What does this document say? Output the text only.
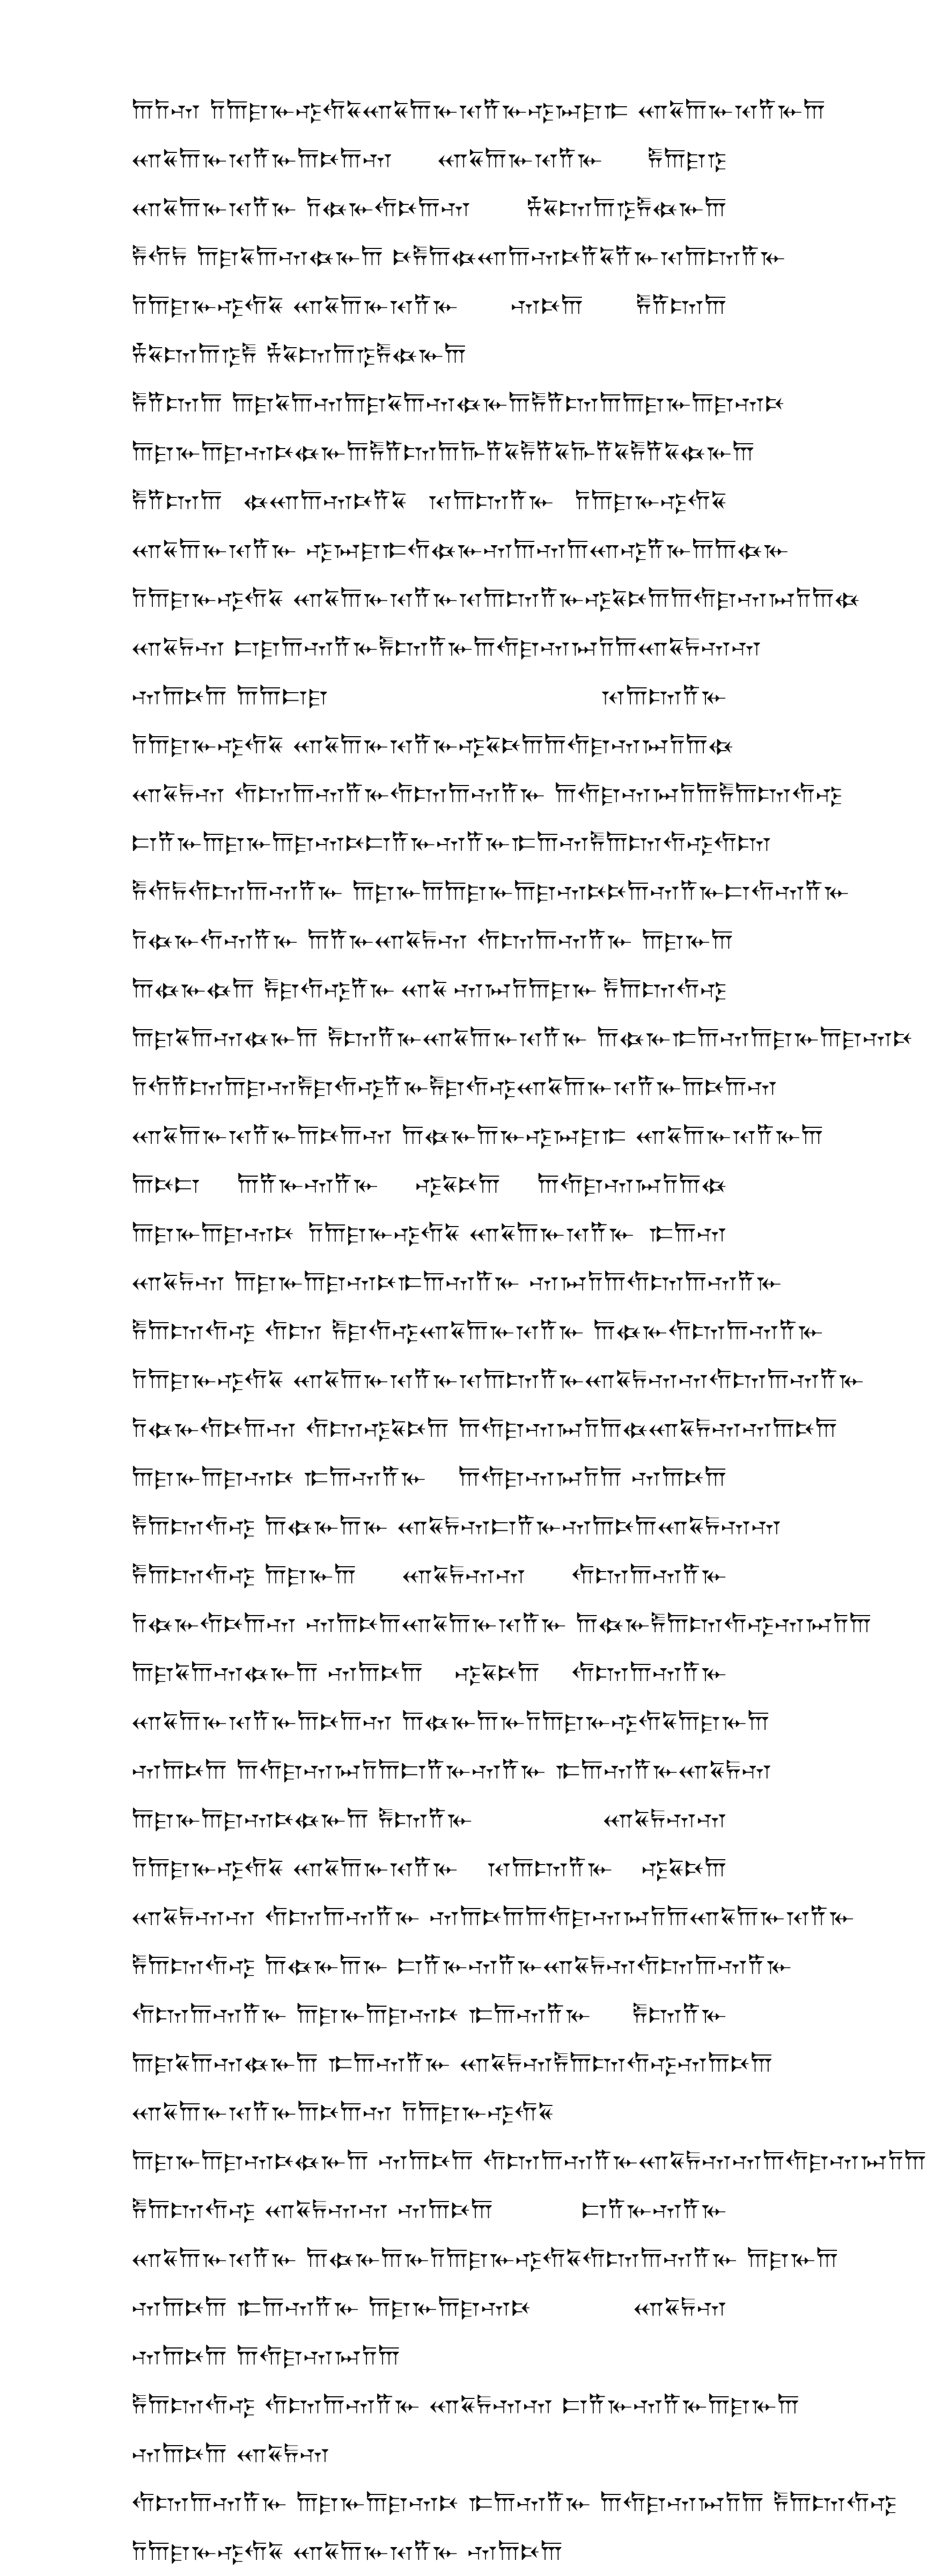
𐎠𐎭𐎶 𐎭𐎠𐎼𐎹𐎺𐎢𐏁 𐎧𐏁𐎠𐎹𐎰𐎡𐎹 𐎺𐏀𐎼𐎣 𐎧𐏁𐎠𐎹𐎰𐎡𐎹𐎠
𐎧𐏁𐎠𐎹𐎰𐎡𐎹𐎠𐎴𐎠𐎶 𐎧𐏁𐎠𐎹𐎰𐎡𐎹 𐎱𐎠𐎼𐎿
𐎧𐏁𐎠𐎹𐎰𐎡𐎹 𐎭𐏃𐎹𐎢𐎴𐎠𐎶 𐎻𐏁𐎫𐎠𐎿𐎱𐏃𐎹𐎠
𐎱𐎢𐏂 𐎠𐎼𐏁𐎠𐎶𐏃𐎹𐎠 𐎴𐎱𐎠 𐏃𐎧𐎠𐎶𐎴𐎡𐏁𐎡𐎹 𐎰𐎠𐎫𐎡𐎹
𐎭𐎠𐎼𐎹𐎺𐎢𐏁 𐎧𐏁𐎠𐎹𐎰𐎡𐎹 𐎶𐎴𐎠 𐎱𐎡𐎫𐎠
𐎻𐏁𐎫𐎠𐎿𐎱 𐎻𐏁𐎫𐎠𐎿𐎱𐏃𐎹𐎠
𐎱𐎡𐎫𐎠 𐎠𐎼𐏁𐎠𐎶 𐎠𐎼𐏁𐎠𐎶𐏃𐎹𐎠 𐎱𐎡𐎫𐎠 𐎠𐎼𐎹𐎠𐎼𐎶𐎴
𐎠𐎼𐎹𐎠𐎼𐎶𐎴𐏃𐎹𐎠 𐎱𐎡𐎫𐎠 𐎨𐎡𐏁𐎱𐎡𐏁 𐎨𐎡𐏁𐎱𐎡𐏁𐏃𐎹𐎠
𐎱𐎡𐎫𐎠 𐏃𐎧𐎠𐎶𐎴𐎡𐏁 𐎰𐎠𐎫𐎡𐎹 𐎭𐎠𐎼𐎹𐎺𐎢𐏁
𐎧𐏁𐎠𐎹𐎰𐎡𐎹 𐎺𐏀𐎼𐎣 𐎢𐏃𐎹𐎶𐎠 𐎶𐎠𐎧𐎺𐎡𐎹𐎠 𐎠𐏃𐎹
𐎭𐎠𐎼𐎹𐎺𐎢𐏁 𐎧𐏁𐎠𐎹𐎰𐎡𐎹 𐎰𐎠𐎫𐎡𐎹 𐎺𐏁𐎴𐎠 𐎠𐎢𐎼𐎶𐏀𐎭𐎠𐏃
𐎧𐏁𐏂𐎶 𐎲𐎼𐎠𐎶𐎡𐎹 𐎱𐎫𐎡𐎹 𐎠𐎢𐎼𐎶𐏀𐎭𐎠 𐎧𐏁𐏂𐎶𐎶
𐎶𐎠𐎴𐎠 𐎠𐎠𐎲𐎼	𐎰𐎠𐎫𐎡𐎹
𐎭𐎠𐎼𐎹𐎺𐎢𐏁 𐎧𐏁𐎠𐎹𐎰𐎡𐎹 𐎺𐏁𐎴𐎠 𐎠𐎢𐎼𐎶𐏀𐎭𐎠𐏃
𐎧𐏁𐏂𐎶 𐎢𐎫𐎠𐎶𐎡𐎹 𐎢𐎫𐎠𐎶𐎡𐎹 𐎠𐎢𐎼𐎶𐏀𐎭𐎠 𐎱𐎠𐎫𐎢𐎺
𐎲𐎡𐎹 𐎠𐎼𐎹𐎠𐎼𐎶𐎴 𐎲𐎡𐎹𐎶𐎡𐎹 𐎣𐎠𐎶 𐎱𐎠𐎫𐎢𐎺 𐎢𐎫
𐎱𐎢𐏂 𐎢𐎫𐎠𐎶𐎡𐎹 𐎠𐎼𐎹𐎠 𐎠𐎼𐎹𐎠𐎼𐎶𐎴 𐎴𐎠𐎶𐎡𐎹 𐎲𐎢𐎶𐎡𐎹
𐎭𐏃𐎹𐎢𐎶𐎡𐎹 𐎠𐎡𐎹 𐎧𐏁𐏂𐎶 𐎢𐎫𐎠𐎶𐎡𐎹 𐎠𐎼𐎹𐎠
𐎠𐏃𐎹𐏃𐎠 𐎱𐎼𐎢𐎺𐎡𐎹 𐎧𐏁 𐎶𐏀𐎭𐎠𐎼𐎹 𐎱𐎠𐎫𐎢𐎺
𐎠𐎼𐏁𐎠𐎶𐏃𐎹𐎠 𐎱𐎫𐎡𐎹 𐎧𐏁𐎠𐎹𐎰𐎡𐎹 𐎠𐏃𐎹 𐎣𐎠𐎶 𐎠𐎼𐎹𐎠𐎼𐎶𐎴
𐎭𐎢𐎡𐎫𐎠𐎼𐎶 𐎱𐎼𐎢𐎺𐎡𐎹 𐎱𐎼𐎢𐎺 𐎧𐏁𐎠𐎹𐎰𐎡𐎹𐎠𐎴𐎠𐎶
𐎧𐏁𐎠𐎹𐎰𐎡𐎹𐎠𐎴𐎠𐎶 𐎠𐏃𐎹𐎠𐎹 𐎺𐏀𐎼𐎣 𐎧𐏁𐎠𐎹𐎰𐎡𐎹𐎠
𐎠𐎴𐎲 𐎠𐎡𐎹𐎶𐎡𐎹 𐎺𐏁𐎴𐎠 𐎠𐎢𐎼𐎶𐏀𐎭𐎠𐏃
𐎠𐎼𐎹𐎠𐎼𐎶𐎴 𐎭𐎠𐎼𐎹𐎺𐎢𐏁 𐎧𐏁𐎠𐎹𐎰𐎡𐎹 𐎣𐎠𐎶
𐎧𐏁𐏂𐎶 𐎠𐎼𐎹𐎠𐎼𐎶𐎴 𐎣𐎠𐎶𐎡𐎹 𐎶𐏀𐎭𐎠 𐎢𐎫𐎠𐎶𐎡𐎹
𐎱𐎠𐎫𐎢𐎺 𐎢𐎫 𐎱𐎼𐎢𐎺 𐎧𐏁𐎠𐎹𐎰𐎡𐎹 𐎠𐏃𐎹 𐎢𐎫𐎠𐎶𐎡𐎹
𐎭𐎠𐎼𐎹𐎺𐎢𐏁 𐎧𐏁𐎠𐎹𐎰𐎡𐎹 𐎰𐎠𐎫𐎡𐎹 𐎧𐏁𐏂𐎶𐎶 𐎢𐎫𐎠𐎶𐎡𐎹
𐎭𐏃𐎹𐎢𐎴𐎠𐎶 𐎢𐎫 𐎺𐏁𐎴𐎠 𐎠𐎢𐎼𐎶𐏀𐎭𐎠𐏃 𐎧𐏁𐏂𐎶 𐎶𐎠𐎴𐎠
𐎠𐎼𐎹𐎠𐎼𐎶𐎴 𐎣𐎠𐎶𐎡𐎹 𐎠𐎢𐎼𐎶𐏀𐎭𐎠 𐎶𐎠𐎴𐎠
𐎱𐎠𐎫𐎢𐎺 𐎠𐏃𐎹𐎠𐎹 𐎧𐏁𐏂𐎶 𐎲𐎡𐎹 𐎶𐎠𐎴𐎠 𐎧𐏁𐏂𐎶𐎶
𐎱𐎠𐎫𐎢𐎺 𐎠𐎼𐎹𐎠 𐎧𐏁𐏂𐎶𐎶 𐎢𐎫𐎠𐎶𐎡𐎹
𐎭𐏃𐎹𐎢𐎴𐎠𐎶 𐎶𐎠𐎴𐎠 𐎧𐏁𐎠𐎹𐎰𐎡𐎹 𐎠𐏃𐎹 𐎱𐎠𐎫𐎢𐎺 𐎶𐏀𐎭𐎠
𐎠𐎼𐏁𐎠𐎶𐏃𐎹𐎠 𐎶𐎠𐎴𐎠 𐎺𐏁𐎴𐎠 𐎢𐎫𐎠𐎶𐎡𐎹
𐎧𐏁𐎠𐎹𐎰𐎡𐎹𐎠𐎴𐎠𐎶 𐎠𐏃𐎹𐎠𐎹 𐎭𐎠𐎼𐎹𐎺𐎢𐏁 𐎠𐎼𐎹𐎠
𐎶𐎠𐎴𐎠 𐎠𐎢𐎼𐎶𐏀𐎭𐎠 𐎲𐎡𐎹𐎶𐎡𐎹 𐎣𐎠𐎶𐎡𐎹 𐎧𐏁𐏂𐎶
𐎠𐎼𐎹𐎠𐎼𐎶𐎴𐏃𐎹𐎠 𐎱𐎫𐎡𐎹	𐎧𐏁𐏂𐎶𐎶
𐎭𐎠𐎼𐎹𐎺𐎢𐏁 𐎧𐏁𐎠𐎹𐎰𐎡𐎹 𐎰𐎠𐎫𐎡𐎹 𐎺𐏁𐎴𐎠
𐎧𐏁𐏂𐎶𐎶 𐎢𐎫𐎠𐎶𐎡𐎹 𐎶𐎠𐎴𐎠 𐎠𐎢𐎼𐎶𐏀𐎭𐎠 𐎧𐏁𐎠𐎹𐎰𐎡𐎹
𐎱𐎠𐎫𐎢𐎺 𐎠𐏃𐎹𐎠𐎹 𐎲𐎡𐎹𐎶𐎡𐎹 𐎧𐏁𐏂𐎶 𐎢𐎫𐎠𐎶𐎡𐎹
𐎢𐎫𐎠𐎶𐎡𐎹 𐎠𐎼𐎹𐎠𐎼𐎶𐎴 𐎣𐎠𐎶𐎡𐎹 𐎱𐎫𐎡𐎹
𐎠𐎼𐏁𐎠𐎶𐏃𐎹𐎠 𐎣𐎠𐎶𐎡𐎹 𐎧𐏁𐏂𐎶 𐎱𐎠𐎫𐎢𐎺 𐎶𐎠𐎴𐎠
𐎧𐏁𐎠𐎹𐎰𐎡𐎹𐎠𐎴𐎠𐎶 𐎭𐎠𐎼𐎹𐎺𐎢𐏁
𐎠𐎼𐎹𐎠𐎼𐎶𐎴𐏃𐎹𐎠 𐎶𐎠𐎴𐎠 𐎢𐎫𐎠𐎶𐎡𐎹 𐎧𐏁𐏂𐎶𐎶 𐎠𐎢𐎼𐎶𐏀𐎭𐎠
𐎱𐎠𐎫𐎢𐎺 𐎧𐏁𐏂𐎶𐎶 𐎶𐎠𐎴𐎠	𐎲𐎡𐎹𐎶𐎡𐎹
𐎧𐏁𐎠𐎹𐎰𐎡𐎹 𐎠𐏃𐎹𐎠𐎹 𐎭𐎠𐎼𐎹𐎺𐎢𐏁 𐎢𐎫𐎠𐎶𐎡𐎹 𐎠𐎼𐎹𐎠
𐎶𐎠𐎴𐎠 𐎣𐎠𐎶𐎡𐎹 𐎠𐎼𐎹𐎠𐎼𐎶𐎴	𐎧𐏁𐏂𐎶
𐎶𐎠𐎴𐎠 𐎠𐎢𐎼𐎶𐏀𐎭𐎠
𐎱𐎠𐎫𐎢𐎺 𐎢𐎫𐎠𐎶𐎡𐎹 𐎧𐏁𐏂𐎶𐎶 𐎲𐎡𐎹𐎶𐎡𐎹 𐎠𐎼𐎹𐎠
𐎶𐎠𐎴𐎠 𐎧𐏁𐏂𐎶
𐎢𐎫𐎠𐎶𐎡𐎹 𐎠𐎼𐎹𐎠𐎼𐎶𐎴 𐎣𐎠𐎶𐎡𐎹 𐎠𐎢𐎼𐎶𐏀𐎭𐎠 𐎱𐎠𐎫𐎢𐎺
𐎭𐎠𐎼𐎹𐎺𐎢𐏁 𐎧𐏁𐎠𐎹𐎰𐎡𐎹 𐎶𐎠𐎴𐎠
